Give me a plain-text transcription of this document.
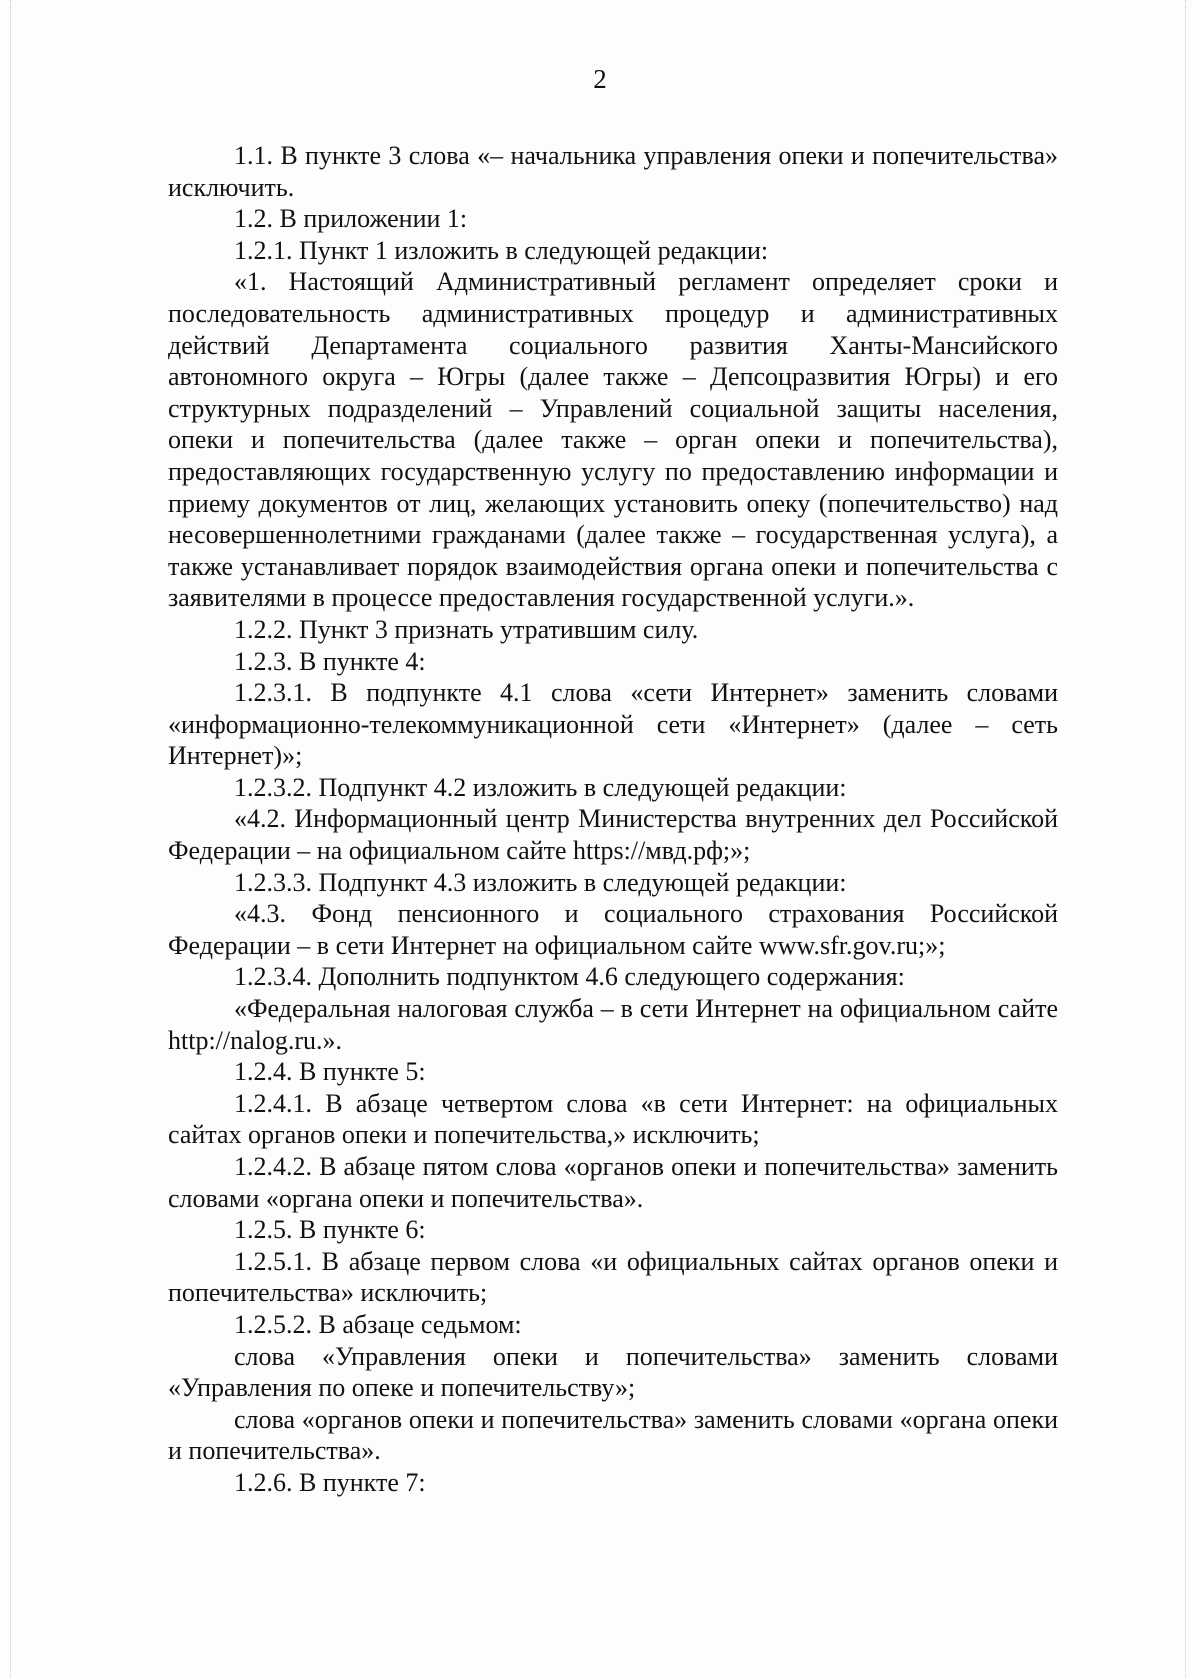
2

1.1. В пункте 3 слова «– начальника управления опеки и попечительства» исключить.

1.2. В приложении 1:

1.2.1. Пункт 1 изложить в следующей редакции:

«1. Настоящий Административный регламент определяет сроки и последовательность административных процедур и административных действий Департамента социального развития Ханты-Мансийского автономного округа – Югры (далее также – Депсоцразвития Югры) и его структурных подразделений – Управлений социальной защиты населения, опеки и попечительства (далее также – орган опеки и попечительства), предоставляющих государственную услугу по предоставлению информации и приему документов от лиц, желающих установить опеку (попечительство) над несовершеннолетними гражданами (далее также – государственная услуга), а также устанавливает порядок взаимодействия органа опеки и попечительства с заявителями в процессе предоставления государственной услуги.».

1.2.2. Пункт 3 признать утратившим силу.

1.2.3. В пункте 4:

1.2.3.1. В подпункте 4.1 слова «сети Интернет» заменить словами «информационно-телекоммуникационной сети «Интернет» (далее – сеть Интернет)»;

1.2.3.2. Подпункт 4.2 изложить в следующей редакции:

«4.2. Информационный центр Министерства внутренних дел Российской Федерации – на официальном сайте https://мвд.рф;»;

1.2.3.3. Подпункт 4.3 изложить в следующей редакции:

«4.3. Фонд пенсионного и социального страхования Российской Федерации – в сети Интернет на официальном сайте www.sfr.gov.ru;»;

1.2.3.4. Дополнить подпунктом 4.6 следующего содержания:

«Федеральная налоговая служба – в сети Интернет на официальном сайте http://nalog.ru.».

1.2.4. В пункте 5:

1.2.4.1. В абзаце четвертом слова «в сети Интернет: на официальных сайтах органов опеки и попечительства,» исключить;

1.2.4.2. В абзаце пятом слова «органов опеки и попечительства» заменить словами «органа опеки и попечительства».

1.2.5. В пункте 6:

1.2.5.1. В абзаце первом слова «и официальных сайтах органов опеки и попечительства» исключить;

1.2.5.2. В абзаце седьмом:

слова «Управления опеки и попечительства» заменить словами «Управления по опеке и попечительству»;

слова «органов опеки и попечительства» заменить словами «органа опеки и попечительства».

1.2.6. В пункте 7:
